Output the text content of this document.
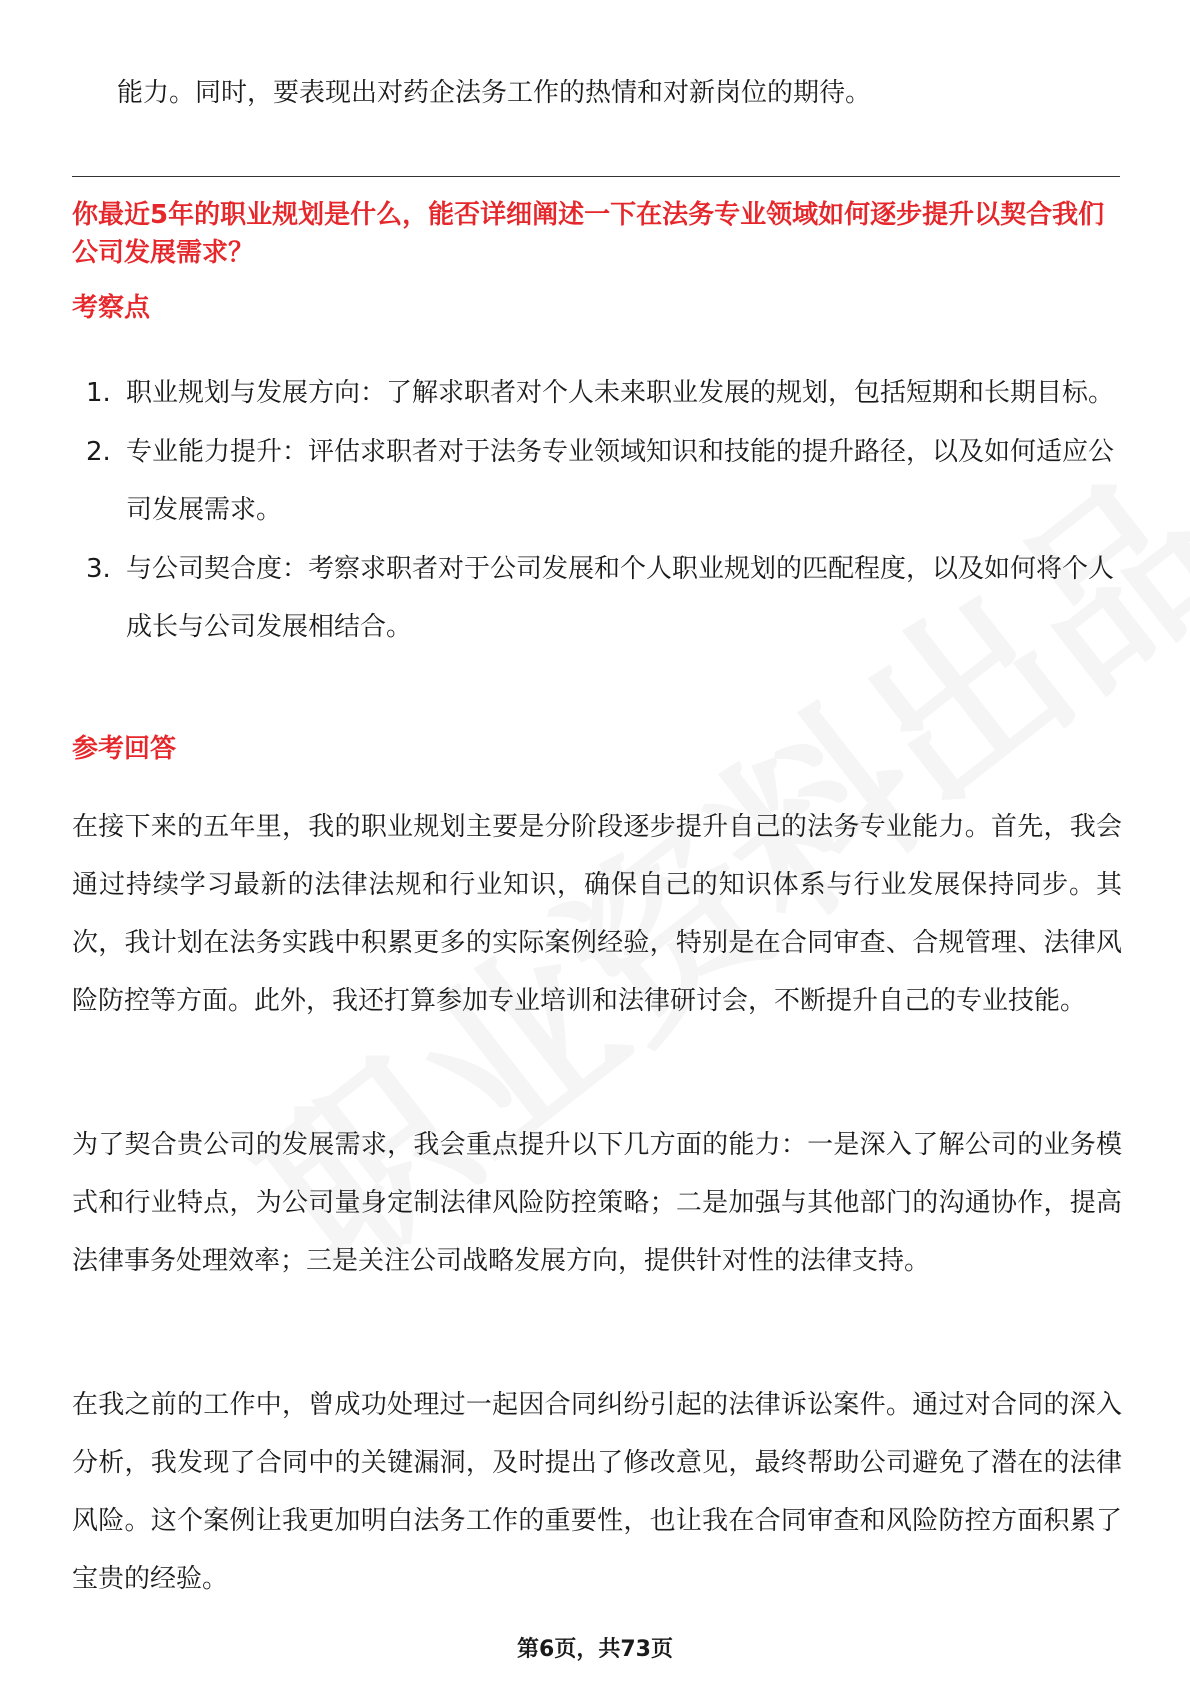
能力。同时，要表现出对药企法务工作的热情和对新岗位的期待。

你最近5年的职业规划是什么，能否详细阐述一下在法务专业领域如何逐步提升以契合我们公司发展需求？

考察点

1. 职业规划与发展方向：了解求职者对个人未来职业发展的规划，包括短期和长期目标。
2. 专业能力提升：评估求职者对于法务专业领域知识和技能的提升路径，以及如何适应公司发展需求。
3. 与公司契合度：考察求职者对于公司发展和个人职业规划的匹配程度，以及如何将个人成长与公司发展相结合。

参考回答

在接下来的五年里，我的职业规划主要是分阶段逐步提升自己的法务专业能力。首先，我会通过持续学习最新的法律法规和行业知识，确保自己的知识体系与行业发展保持同步。其次，我计划在法务实践中积累更多的实际案例经验，特别是在合同审查、合规管理、法律风险防控等方面。此外，我还打算参加专业培训和法律研讨会，不断提升自己的专业技能。

为了契合贵公司的发展需求，我会重点提升以下几方面的能力：一是深入了解公司的业务模式和行业特点，为公司量身定制法律风险防控策略；二是加强与其他部门的沟通协作，提高法律事务处理效率；三是关注公司战略发展方向，提供针对性的法律支持。

在我之前的工作中，曾成功处理过一起因合同纠纷引起的法律诉讼案件。通过对合同的深入分析，我发现了合同中的关键漏洞，及时提出了修改意见，最终帮助公司避免了潜在的法律风险。这个案例让我更加明白法务工作的重要性，也让我在合同审查和风险防控方面积累了宝贵的经验。

第6页，共73页
